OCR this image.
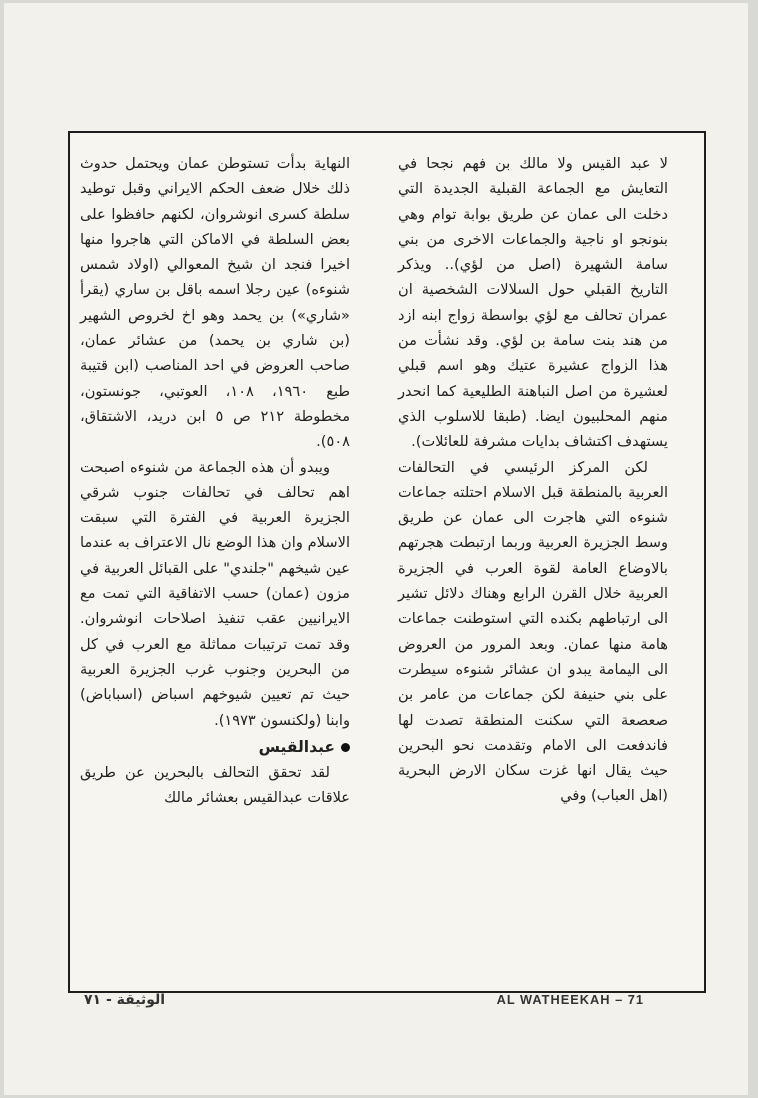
لا عبد القيس ولا مالك بن فهم نجحا في التعايش مع الجماعة القبلية الجديدة التي دخلت الى عمان عن طريق بوابة توام وهي بنونجو او ناجية والجماعات الاخرى من بني سامة الشهيرة (اصل من لؤي).. ويذكر التاريخ القبلي حول السلالات الشخصية ان عمران تحالف مع لؤي بواسطة زواج ابنه ازد من هند بنت سامة بن لؤي. وقد نشأت من هذا الزواج عشيرة عتيك وهو اسم قبلي لعشيرة من اصل النباهنة الطليعية كما انحدر منهم المحلبيون ايضا. (طبقا للاسلوب الذي يستهدف اكتشاف بدايات مشرفة للعائلات).

لكن المركز الرئيسي في التحالفات العربية بالمنطقة قبل الاسلام احتلته جماعات شنوءه التي هاجرت الى عمان عن طريق وسط الجزيرة العربية وربما ارتبطت هجرتهم بالاوضاع العامة لقوة العرب في الجزيرة العربية خلال القرن الرابع وهناك دلائل تشير الى ارتباطهم بكنده التي استوطنت جماعات هامة منها عمان. وبعد المرور من العروض الى اليمامة يبدو ان عشائر شنوءه سيطرت على بني حنيفة لكن جماعات من عامر بن صعصعة التي سكنت المنطقة تصدت لها فاندفعت الى الامام وتقدمت نحو البحرين حيث يقال انها غزت سكان الارض البحرية (اهل العباب) وفي

النهاية بدأت تستوطن عمان ويحتمل حدوث ذلك خلال ضعف الحكم الايراني وقبل توطيد سلطة كسرى انوشروان، لكنهم حافظوا على بعض السلطة في الاماكن التي هاجروا منها اخيرا فنجد ان شيخ المعوالي (اولاد شمس شنوءه) عين رجلا اسمه باقل بن ساري (يقرأ «شاري») بن يحمد وهو اخ لخروص الشهير (بن شاري بن يحمد) من عشائر عمان، صاحب العروض في احد المناصب (ابن قتيبة طبع ١٩٦٠، ١٠٨، العوتبي، جونستون، مخطوطة ٢١٢ ص ٥ ابن دريد، الاشتقاق، ٥٠٨).

ويبدو أن هذه الجماعة من شنوءه اصبحت اهم تحالف في تحالفات جنوب شرقي الجزيرة العربية في الفترة التي سبقت الاسلام وان هذا الوضع نال الاعتراف به عندما عين شيخهم "جلندي" على القبائل العربية في مزون (عمان) حسب الاتفاقية التي تمت مع الايرانيين عقب تنفيذ اصلاحات انوشروان. وقد تمت ترتيبات مماثلة مع العرب في كل من البحرين وجنوب غرب الجزيرة العربية حيث تم تعيين شيوخهم اسباض (اسباباض) وابنا (ولكنسون ١٩٧٣).

عبدالقيس

لقد تحقق التحالف بالبحرين عن طريق علاقات عبدالقيس بعشائر مالك

الوثيقة - ٧١	AL WATHEEKAH – 71
